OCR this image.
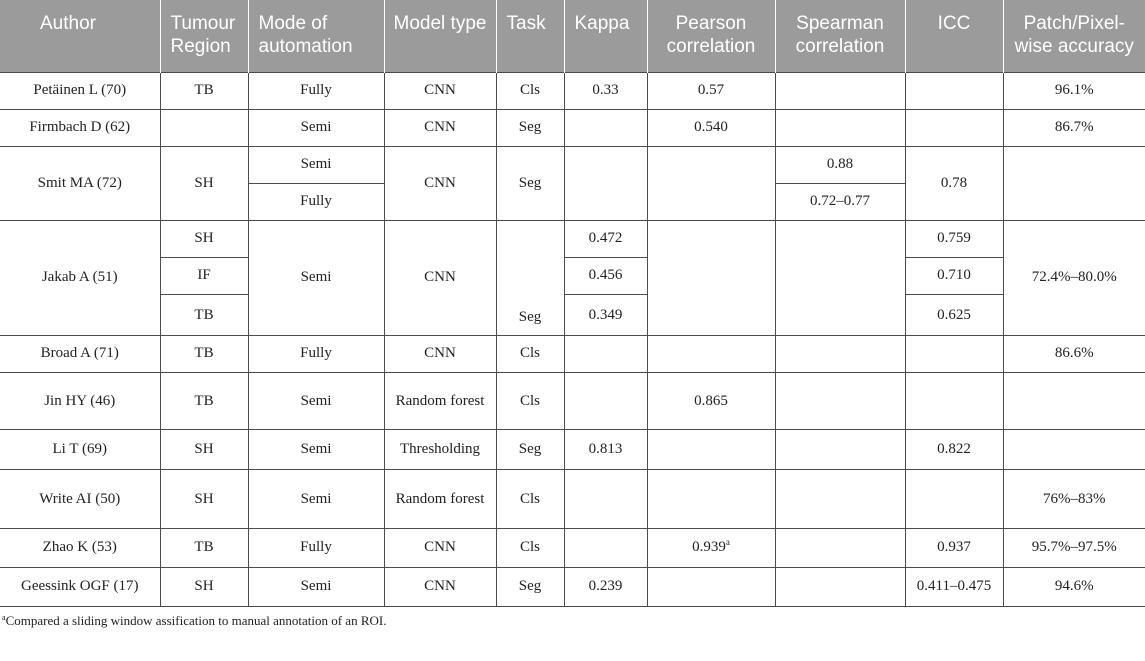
Author	Tumour Region	Mode of automation	Model type	Task	Kappa	Pearson correlation	Spearman correlation	ICC	Patch/Pixel-wise accuracy
Petäinen L (70)	TB	Fully	CNN	Cls	0.33	0.57			96.1%
Firmbach D (62)		Semi	CNN	Seg		0.540			86.7%
Smit MA (72)	SH	Semi	CNN	Seg			0.88	0.78	
		Fully					0.72–0.77		
Jakab A (51)	SH	Semi	CNN		0.472			0.759	72.4%–80.0%
	IF				0.456			0.710	
	TB			Seg	0.349			0.625	
Broad A (71)	TB	Fully	CNN	Cls					86.6%
Jin HY (46)	TB	Semi	Random forest	Cls		0.865			
Li T (69)	SH	Semi	Thresholding	Seg	0.813			0.822	
Write AI (50)	SH	Semi	Random forest	Cls					76%–83%
Zhao K (53)	TB	Fully	CNN	Cls		0.939$^a$		0.937	95.7%–97.5%
Geessink OGF (17)	SH	Semi	CNN	Seg	0.239			0.411–0.475	94.6%
$^a$Compared a sliding window assification to manual annotation of an ROI.
